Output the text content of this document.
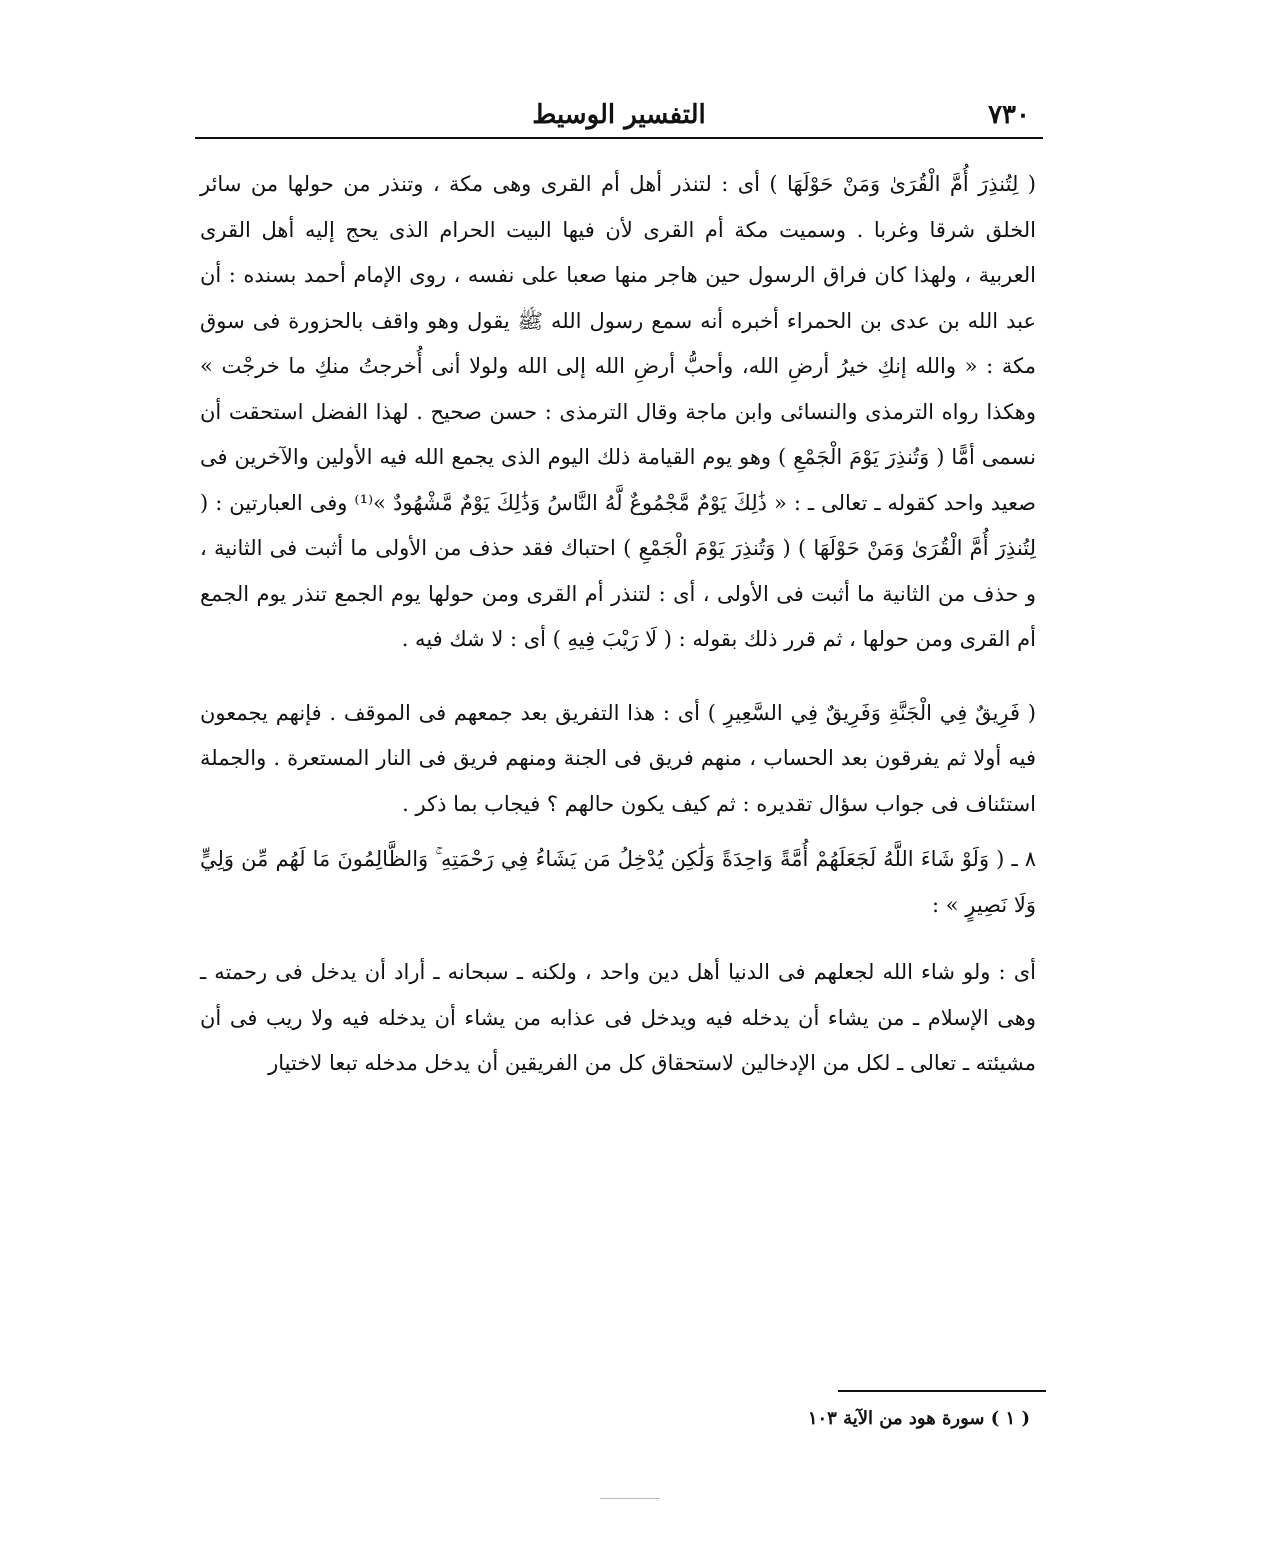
٧٣٠
التفسير الوسيط

( لِتُنذِرَ أُمَّ الْقُرَىٰ وَمَنْ حَوْلَهَا ) أى : لتنذر أهل أم القرى وهى مكة ، وتنذر من حولها من سائر الخلق شرقا وغربا . وسميت مكة أم القرى لأن فيها البيت الحرام الذى يحج إليه أهل القرى العربية ، ولهذا كان فراق الرسول حين هاجر منها صعبا على نفسه ، روى الإمام أحمد بسنده : أن عبد الله بن عدى بن الحمراء أخبره أنه سمع رسول الله ﷺ يقول وهو واقف بالحزورة فى سوق مكة : « والله إنكِ خيرُ أرضِ الله، وأحبُّ أرضِ الله إلى الله ولولا أنى أُخرجتُ منكِ ما خرجْت » وهكذا رواه الترمذى والنسائى وابن ماجة وقال الترمذى : حسن صحيح . لهذا الفضل استحقت أن نسمى أمًّا ( وَتُنذِرَ يَوْمَ الْجَمْعِ ) وهو يوم القيامة ذلك اليوم الذى يجمع الله فيه الأولين والآخرين فى صعيد واحد كقوله ـ تعالى ـ : « ذَٰلِكَ يَوْمٌ مَّجْمُوعٌ لَّهُ النَّاسُ وَذَٰلِكَ يَوْمٌ مَّشْهُودٌ »⁽¹⁾ وفى العبارتين : ( لِتُنذِرَ أُمَّ الْقُرَىٰ وَمَنْ حَوْلَهَا ) ( وَتُنذِرَ يَوْمَ الْجَمْعِ ) احتباك فقد حذف من الأولى ما أثبت فى الثانية ، و حذف من الثانية ما أثبت فى الأولى ، أى : لتنذر أم القرى ومن حولها يوم الجمع تنذر يوم الجمع أم القرى ومن حولها ، ثم قرر ذلك بقوله : ( لَا رَيْبَ فِيهِ ) أى : لا شك فيه .

( فَرِيقٌ فِي الْجَنَّةِ وَفَرِيقٌ فِي السَّعِيرِ ) أى : هذا التفريق بعد جمعهم فى الموقف . فإنهم يجمعون فيه أولا ثم يفرقون بعد الحساب ، منهم فريق فى الجنة ومنهم فريق فى النار المستعرة . والجملة استئناف فى جواب سؤال تقديره : ثم كيف يكون حالهم ؟ فيجاب بما ذكر .

٨ ـ ( وَلَوْ شَاءَ اللَّهُ لَجَعَلَهُمْ أُمَّةً وَاحِدَةً وَلَٰكِن يُدْخِلُ مَن يَشَاءُ فِي رَحْمَتِهِ ۚ وَالظَّالِمُونَ مَا لَهُم مِّن وَلِيٍّ وَلَا نَصِيرٍ » :

أى : ولو شاء الله لجعلهم فى الدنيا أهل دين واحد ، ولكنه ـ سبحانه ـ أراد أن يدخل فى رحمته ـ وهى الإسلام ـ من يشاء أن يدخله فيه ويدخل فى عذابه من يشاء أن يدخله فيه ولا ريب فى أن مشيئته ـ تعالى ـ لكل من الإدخالين لاستحقاق كل من الفريقين أن يدخل مدخله تبعا لاختيار

( ١ ) سورة هود من الآية ١٠٣
